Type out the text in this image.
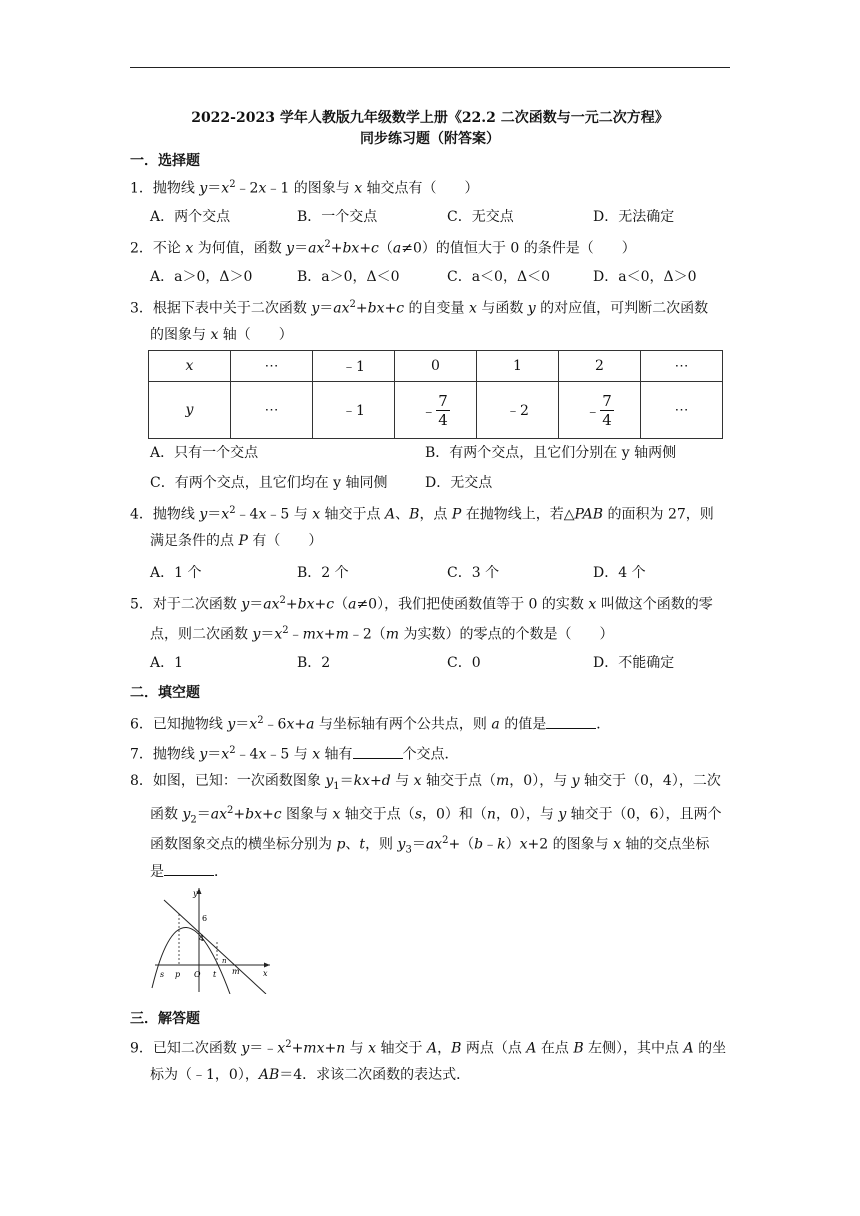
2022-2023 学年人教版九年级数学上册《22.2 二次函数与一元二次方程》
同步练习题（附答案）
一．选择题
1．抛物线 $y=x^2﹣2x﹣1$ 的图象与 x 轴交点有（　　）
A．两个交点	B．一个交点	C．无交点	D．无法确定
2．不论 x 为何值，函数 $y=ax^2+bx+c(a\ne 0)$的值恒大于 0 的条件是（　　）
A．a＞0，Δ＞0	B．a＞0，Δ＜0	C．a＜0，Δ＜0	D．a＜0，Δ＞0
3．根据下表中关于二次函数 $y=ax^2+bx+c$ 的自变量 x 与函数 y 的对应值，可判断二次函数
的图象与 x 轴（　　）
x	⋯	﹣1	0	1	2	⋯
y	⋯	﹣1	﹣ $\frac{7}{4}$	﹣2	﹣ $\frac{7}{4}$	⋯
A．只有一个交点	B．有两个交点，且它们分别在 y 轴两侧
C．有两个交点，且它们均在 y 轴同侧	D．无交点
4．抛物线 $y=x^2﹣4x﹣5$ 与 x 轴交于点 A、B，点 P 在抛物线上，若△PAB 的面积为 27，则
满足条件的点 P 有（　　）
A．1 个	B．2 个	C．3 个	D．4 个
5．对于二次函数 $y=ax^2+bx+c(a\ne 0)$，我们把使函数值等于 0 的实数 x 叫做这个函数的零
点，则二次函数 $y=x^2﹣mx+m﹣2(m$ 为实数）的零点的个数是（　　）
A．1	B．2	C．0	D．不能确定
二．填空题
6．已知抛物线 $y=x^2﹣6x+a$ 与坐标轴有两个公共点，则 a 的值是	．
7．抛物线 $y=x^2﹣4x﹣5$ 与 x 轴有	个交点．
8．如图，已知：一次函数图象 $y_1=kx+d$ 与 x 轴交于点（m，0），与 y 轴交于（0，4），二次
函数 $y_2=ax^2+bx+c$ 图象与 x 轴交于点（s，0）和（n，0），与 y 轴交于（0，6），且两个
函数图象交点的横坐标分别为 p、t，则 $y_3=ax^2+(b﹣k)x+2$ 的图象与 x 轴的交点坐标
是	．
y
6
4
s p O t
n
m	x
三．解答题
9．已知二次函数 $y=﹣x^2+mx+n$ 与 x 轴交于 A，B 两点（点 A 在点 B 左侧），其中点 A 的坐
标为（﹣1，0），AB＝4．求该二次函数的表达式．
